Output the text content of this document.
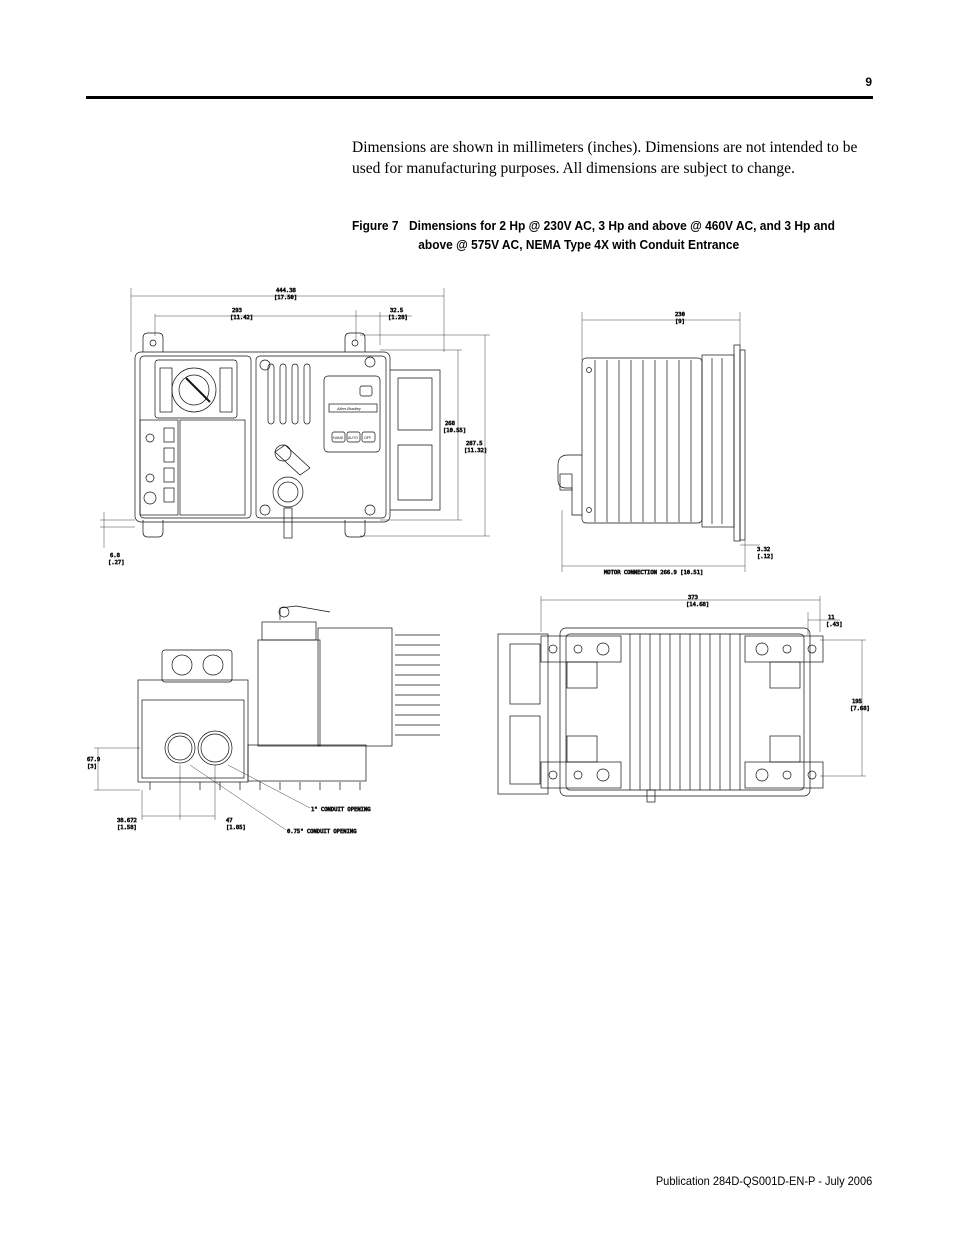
9

Dimensions are shown in millimeters (inches). Dimensions are not intended to be used for manufacturing purposes. All dimensions are subject to change.

Figure 7 Dimensions for 2 Hp @ 230V AC, 3 Hp and above @ 460V AC, and 3 Hp and
above @ 575V AC, NEMA Type 4X with Conduit Entrance
444.38
[17.50]
293
[11.42]
32.5
[1.28]
268
[10.55]
287.5
[11.32]
6.8
[.27]
Allen-Bradley
HAND AUTO OFF
230
[9]
MOTOR CONNECTION 266.9 [10.51]
3.32
[.12]
67.9
[3]
38.672
[1.58]
47
[1.85]
1" CONDUIT OPENING
0.75" CONDUIT OPENING
373
[14.68]
11
[.43]
195
[7.68]
Publication 284D-QS001D-EN-P - July 2006
